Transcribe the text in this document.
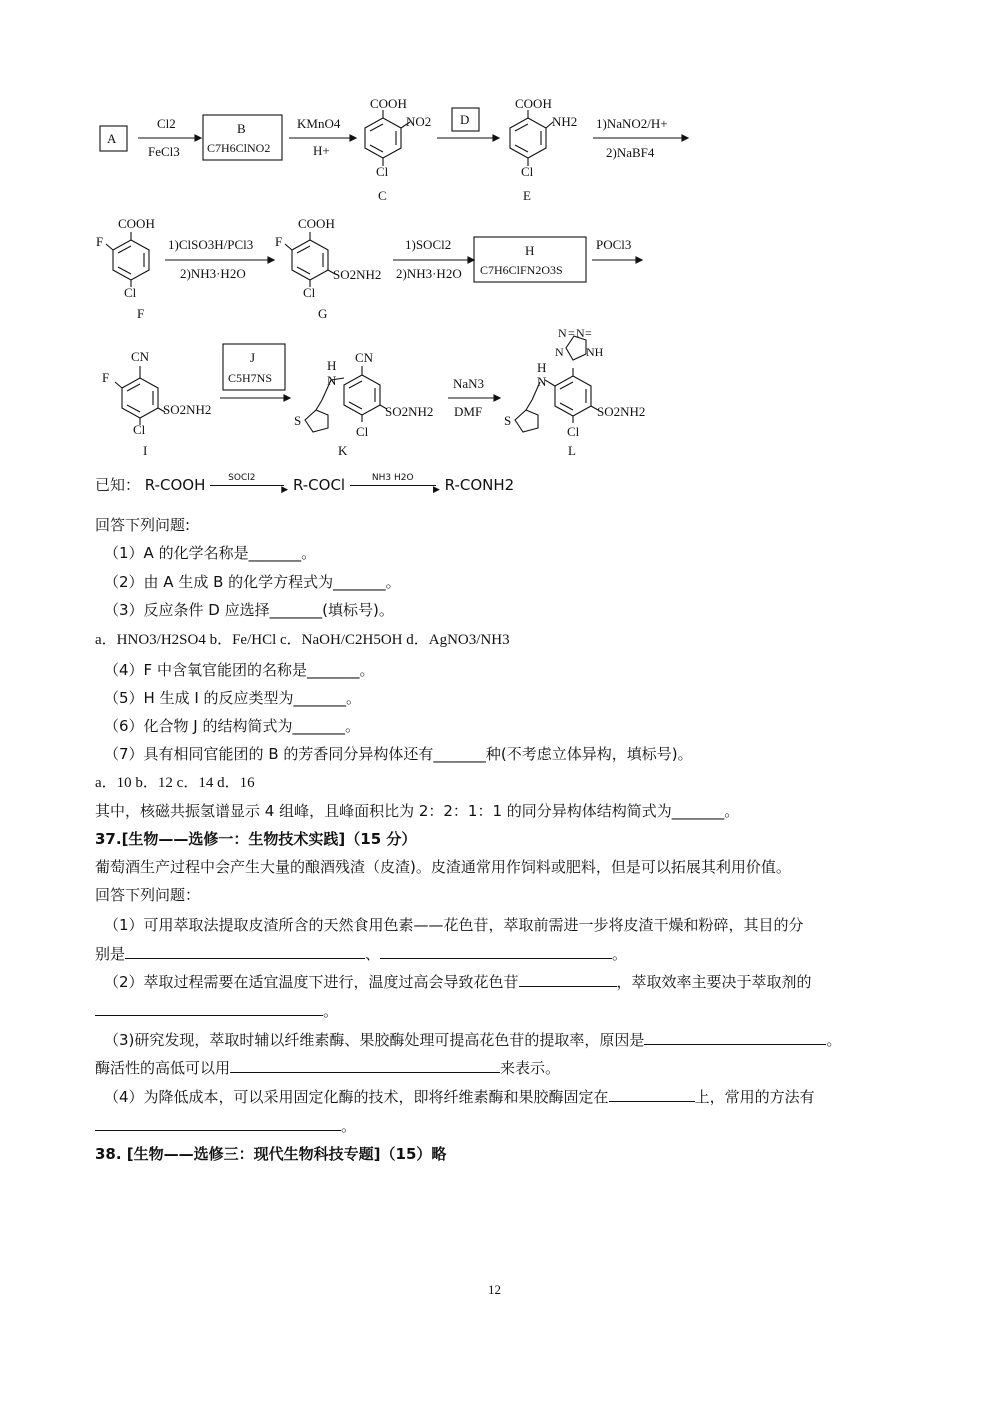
A
Cl2
FeCl3
B
C7H6ClNO2
KMnO4
H+
COOH
NO2
Cl
C
D
COOH
NH2
Cl
E
1)NaNO2/H+
2)NaBF4
COOH
F
Cl
F
1)ClSO3H/PCl3
2)NH3·H2O
COOH
F
SO2NH2
Cl
G
1)SOCl2
2)NH3·H2O
H
C7H6ClFN2O3S
POCl3
CN
F
SO2NH2
Cl
I
J
C5H7NS
H
N
CN
S
SO2NH2
Cl
K
NaN3
DMF
N N
N NH
H
N
S
SO2NH2
Cl
L
=
=
已知： R-COOH	SOCl2
▶ R-COCl	NH3 H2O
▶ R-CONH2
回答下列问题:
（1）A 的化学名称是_______。
（2）由 A 生成 B 的化学方程式为_______。
（3）反应条件 D 应选择_______(填标号)。
a．HNO3/H2SO4 b．Fe/HCl c．NaOH/C2H5OH d．AgNO3/NH3
（4）F 中含氧官能团的名称是_______。
（5）H 生成 I 的反应类型为_______。
（6）化合物 J 的结构简式为_______。
（7）具有相同官能团的 B 的芳香同分异构体还有_______种(不考虑立体异构，填标号)。
a．10 b．12 c．14 d．16
其中，核磁共振氢谱显示 4 组峰，且峰面积比为 2：2：1：1 的同分异构体结构简式为_______。
37.[生物——选修一：生物技术实践]（15 分）
葡萄酒生产过程中会产生大量的酿酒残渣（皮渣)。皮渣通常用作饲料或肥料，但是可以拓展其利用价值。
回答下列问题：
（1）可用萃取法提取皮渣所含的天然食用色素——花色苷，萃取前需进一步将皮渣干燥和粉碎，其目的分
别是	、	。
（2）萃取过程需要在适宜温度下进行，温度过高会导致花色苷	，萃取效率主要决于萃取剂的
。
（3)研究发现，萃取时辅以纤维素酶、果胶酶处理可提高花色苷的提取率，原因是	。
酶活性的高低可以用	来表示。
（4）为降低成本，可以采用固定化酶的技术，即将纤维素酶和果胶酶固定在	上，常用的方法有
。
38. [生物——选修三：现代生物科技专题]（15）略
12
